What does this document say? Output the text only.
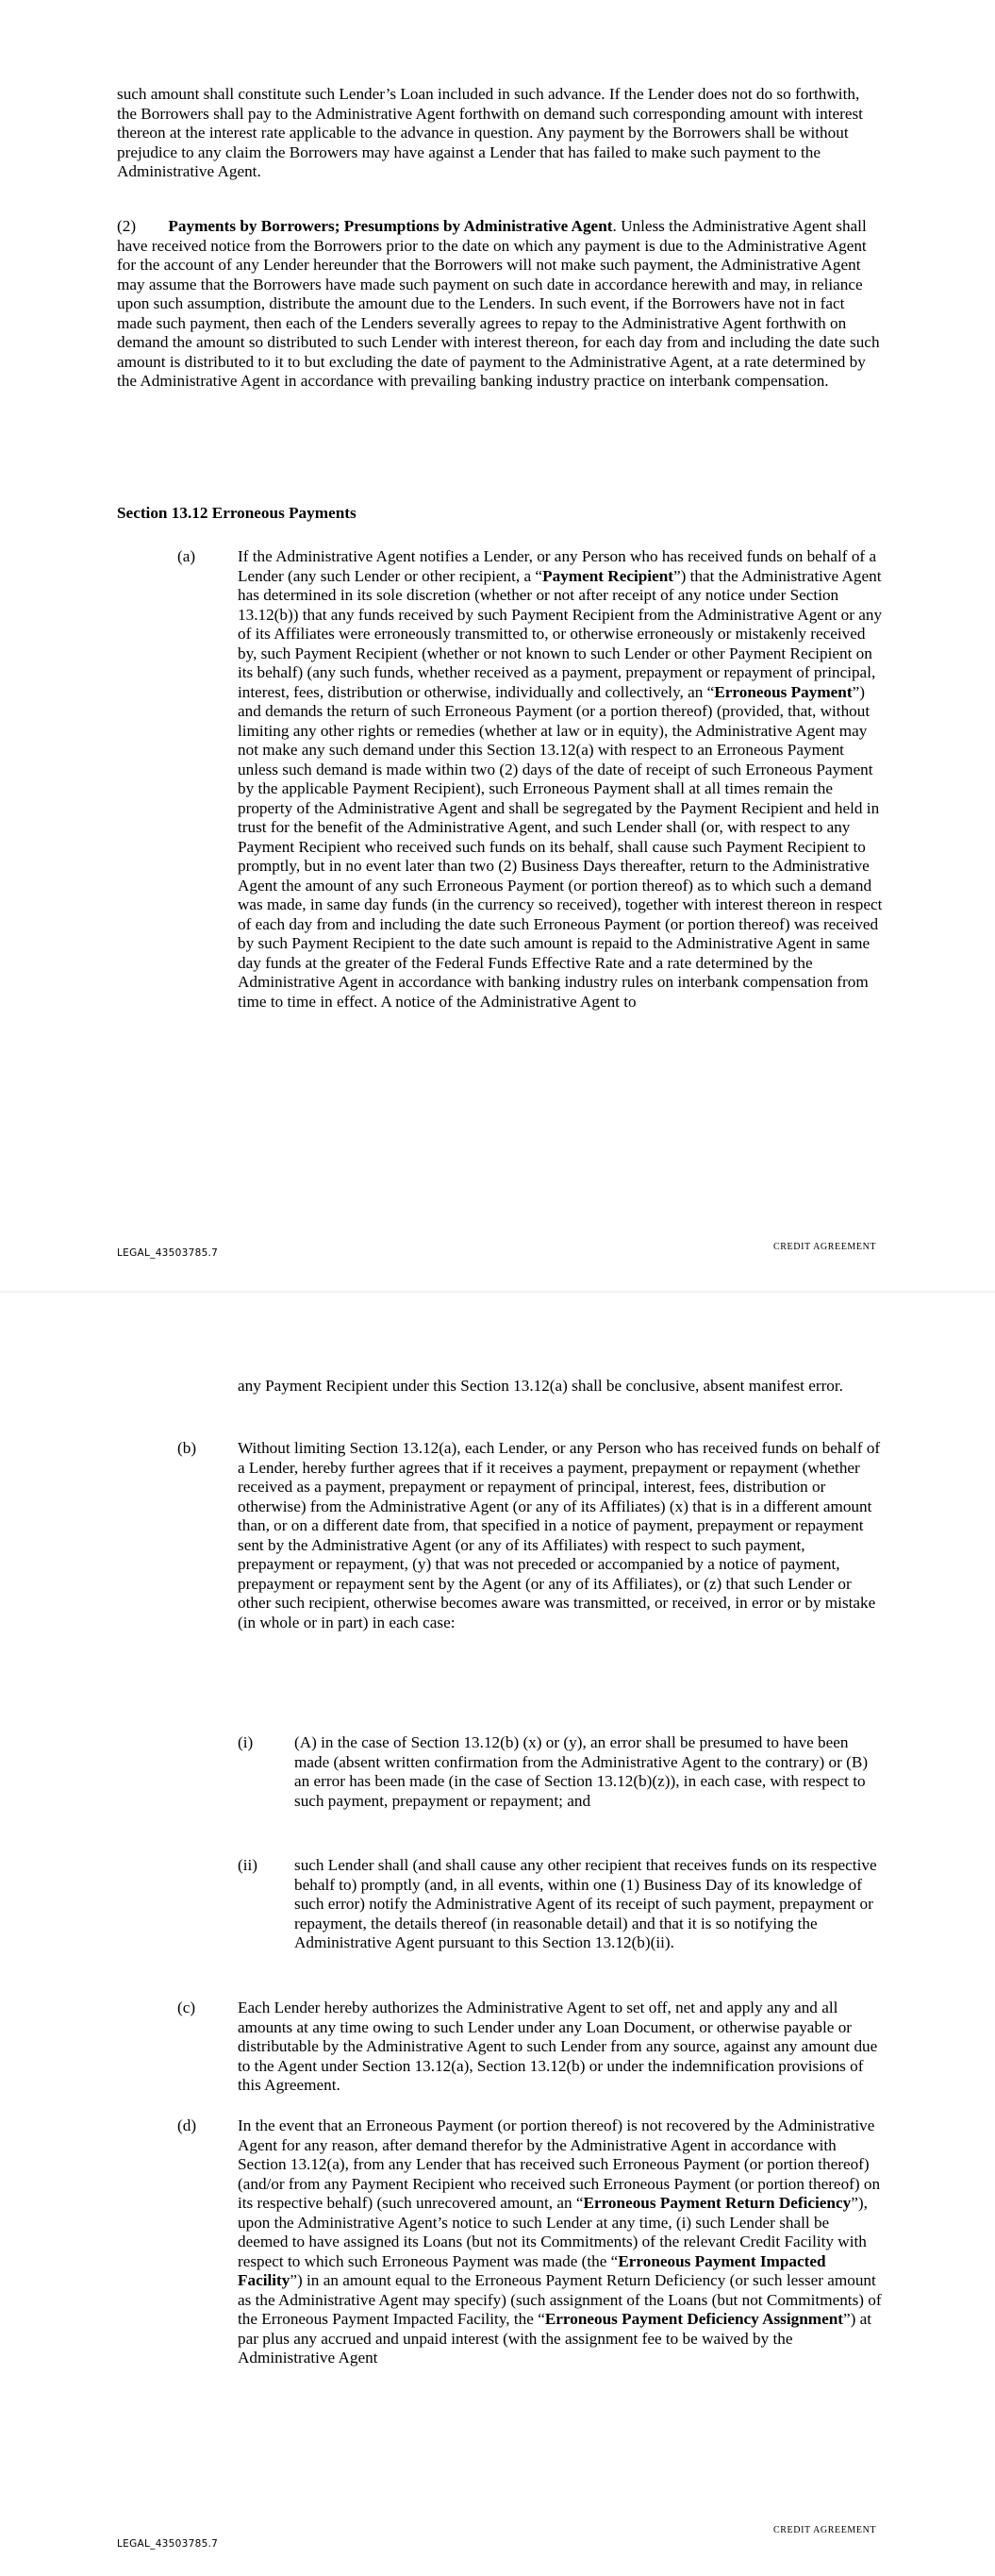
such amount shall constitute such Lender’s Loan included in such advance. If the Lender does not do so forthwith, the Borrowers shall pay to the Administrative Agent forthwith on demand such corresponding amount with interest thereon at the interest rate applicable to the advance in question. Any payment by the Borrowers shall be without prejudice to any claim the Borrowers may have against a Lender that has failed to make such payment to the Administrative Agent.

(2) Payments by Borrowers; Presumptions by Administrative Agent. Unless the Administrative Agent shall have received notice from the Borrowers prior to the date on which any payment is due to the Administrative Agent for the account of any Lender hereunder that the Borrowers will not make such payment, the Administrative Agent may assume that the Borrowers have made such payment on such date in accordance herewith and may, in reliance upon such assumption, distribute the amount due to the Lenders. In such event, if the Borrowers have not in fact made such payment, then each of the Lenders severally agrees to repay to the Administrative Agent forthwith on demand the amount so distributed to such Lender with interest thereon, for each day from and including the date such amount is distributed to it to but excluding the date of payment to the Administrative Agent, at a rate determined by the Administrative Agent in accordance with prevailing banking industry practice on interbank compensation.

Section 13.12 Erroneous Payments

(a)	If the Administrative Agent notifies a Lender, or any Person who has received funds on behalf of a Lender (any such Lender or other recipient, a “Payment Recipient”) that the Administrative Agent has determined in its sole discretion (whether or not after receipt of any notice under Section 13.12(b)) that any funds received by such Payment Recipient from the Administrative Agent or any of its Affiliates were erroneously transmitted to, or otherwise erroneously or mistakenly received by, such Payment Recipient (whether or not known to such Lender or other Payment Recipient on its behalf) (any such funds, whether received as a payment, prepayment or repayment of principal, interest, fees, distribution or otherwise, individually and collectively, an “Erroneous Payment”) and demands the return of such Erroneous Payment (or a portion thereof) (provided, that, without limiting any other rights or remedies (whether at law or in equity), the Administrative Agent may not make any such demand under this Section 13.12(a) with respect to an Erroneous Payment unless such demand is made within two (2) days of the date of receipt of such Erroneous Payment by the applicable Payment Recipient), such Erroneous Payment shall at all times remain the property of the Administrative Agent and shall be segregated by the Payment Recipient and held in trust for the benefit of the Administrative Agent, and such Lender shall (or, with respect to any Payment Recipient who received such funds on its behalf, shall cause such Payment Recipient to promptly, but in no event later than two (2) Business Days thereafter, return to the Administrative Agent the amount of any such Erroneous Payment (or portion thereof) as to which such a demand was made, in same day funds (in the currency so received), together with interest thereon in respect of each day from and including the date such Erroneous Payment (or portion thereof) was received by such Payment Recipient to the date such amount is repaid to the Administrative Agent in same day funds at the greater of the Federal Funds Effective Rate and a rate determined by the Administrative Agent in accordance with banking industry rules on interbank compensation from time to time in effect. A notice of the Administrative Agent to

CREDIT AGREEMENT

LEGAL_43503785.7

any Payment Recipient under this Section 13.12(a) shall be conclusive, absent manifest error.

(b)	Without limiting Section 13.12(a), each Lender, or any Person who has received funds on behalf of a Lender, hereby further agrees that if it receives a payment, prepayment or repayment (whether received as a payment, prepayment or repayment of principal, interest, fees, distribution or otherwise) from the Administrative Agent (or any of its Affiliates) (x) that is in a different amount than, or on a different date from, that specified in a notice of payment, prepayment or repayment sent by the Administrative Agent (or any of its Affiliates) with respect to such payment, prepayment or repayment, (y) that was not preceded or accompanied by a notice of payment, prepayment or repayment sent by the Agent (or any of its Affiliates), or (z) that such Lender or other such recipient, otherwise becomes aware was transmitted, or received, in error or by mistake (in whole or in part) in each case:

(i)	(A) in the case of Section 13.12(b) (x) or (y), an error shall be presumed to have been made (absent written confirmation from the Administrative Agent to the contrary) or (B) an error has been made (in the case of Section 13.12(b)(z)), in each case, with respect to such payment, prepayment or repayment; and

(ii) such Lender shall (and shall cause any other recipient that receives funds on its respective behalf to) promptly (and, in all events, within one (1) Business Day of its knowledge of such error) notify the Administrative Agent of its receipt of such payment, prepayment or repayment, the details thereof (in reasonable detail) and that it is so notifying the Administrative Agent pursuant to this Section 13.12(b)(ii).

(c)	Each Lender hereby authorizes the Administrative Agent to set off, net and apply any and all amounts at any time owing to such Lender under any Loan Document, or otherwise payable or distributable by the Administrative Agent to such Lender from any source, against any amount due to the Agent under Section 13.12(a), Section 13.12(b) or under the indemnification provisions of this Agreement.

(d)	In the event that an Erroneous Payment (or portion thereof) is not recovered by the Administrative Agent for any reason, after demand therefor by the Administrative Agent in accordance with Section 13.12(a), from any Lender that has received such Erroneous Payment (or portion thereof) (and/or from any Payment Recipient who received such Erroneous Payment (or portion thereof) on its respective behalf) (such unrecovered amount, an “Erroneous Payment Return Deficiency”), upon the Administrative Agent’s notice to such Lender at any time, (i) such Lender shall be deemed to have assigned its Loans (but not its Commitments) of the relevant Credit Facility with respect to which such Erroneous Payment was made (the “Erroneous Payment Impacted Facility”) in an amount equal to the Erroneous Payment Return Deficiency (or such lesser amount as the Administrative Agent may specify) (such assignment of the Loans (but not Commitments) of the Erroneous Payment Impacted Facility, the “Erroneous Payment Deficiency Assignment”) at par plus any accrued and unpaid interest (with the assignment fee to be waived by the Administrative Agent

CREDIT AGREEMENT

LEGAL_43503785.7
